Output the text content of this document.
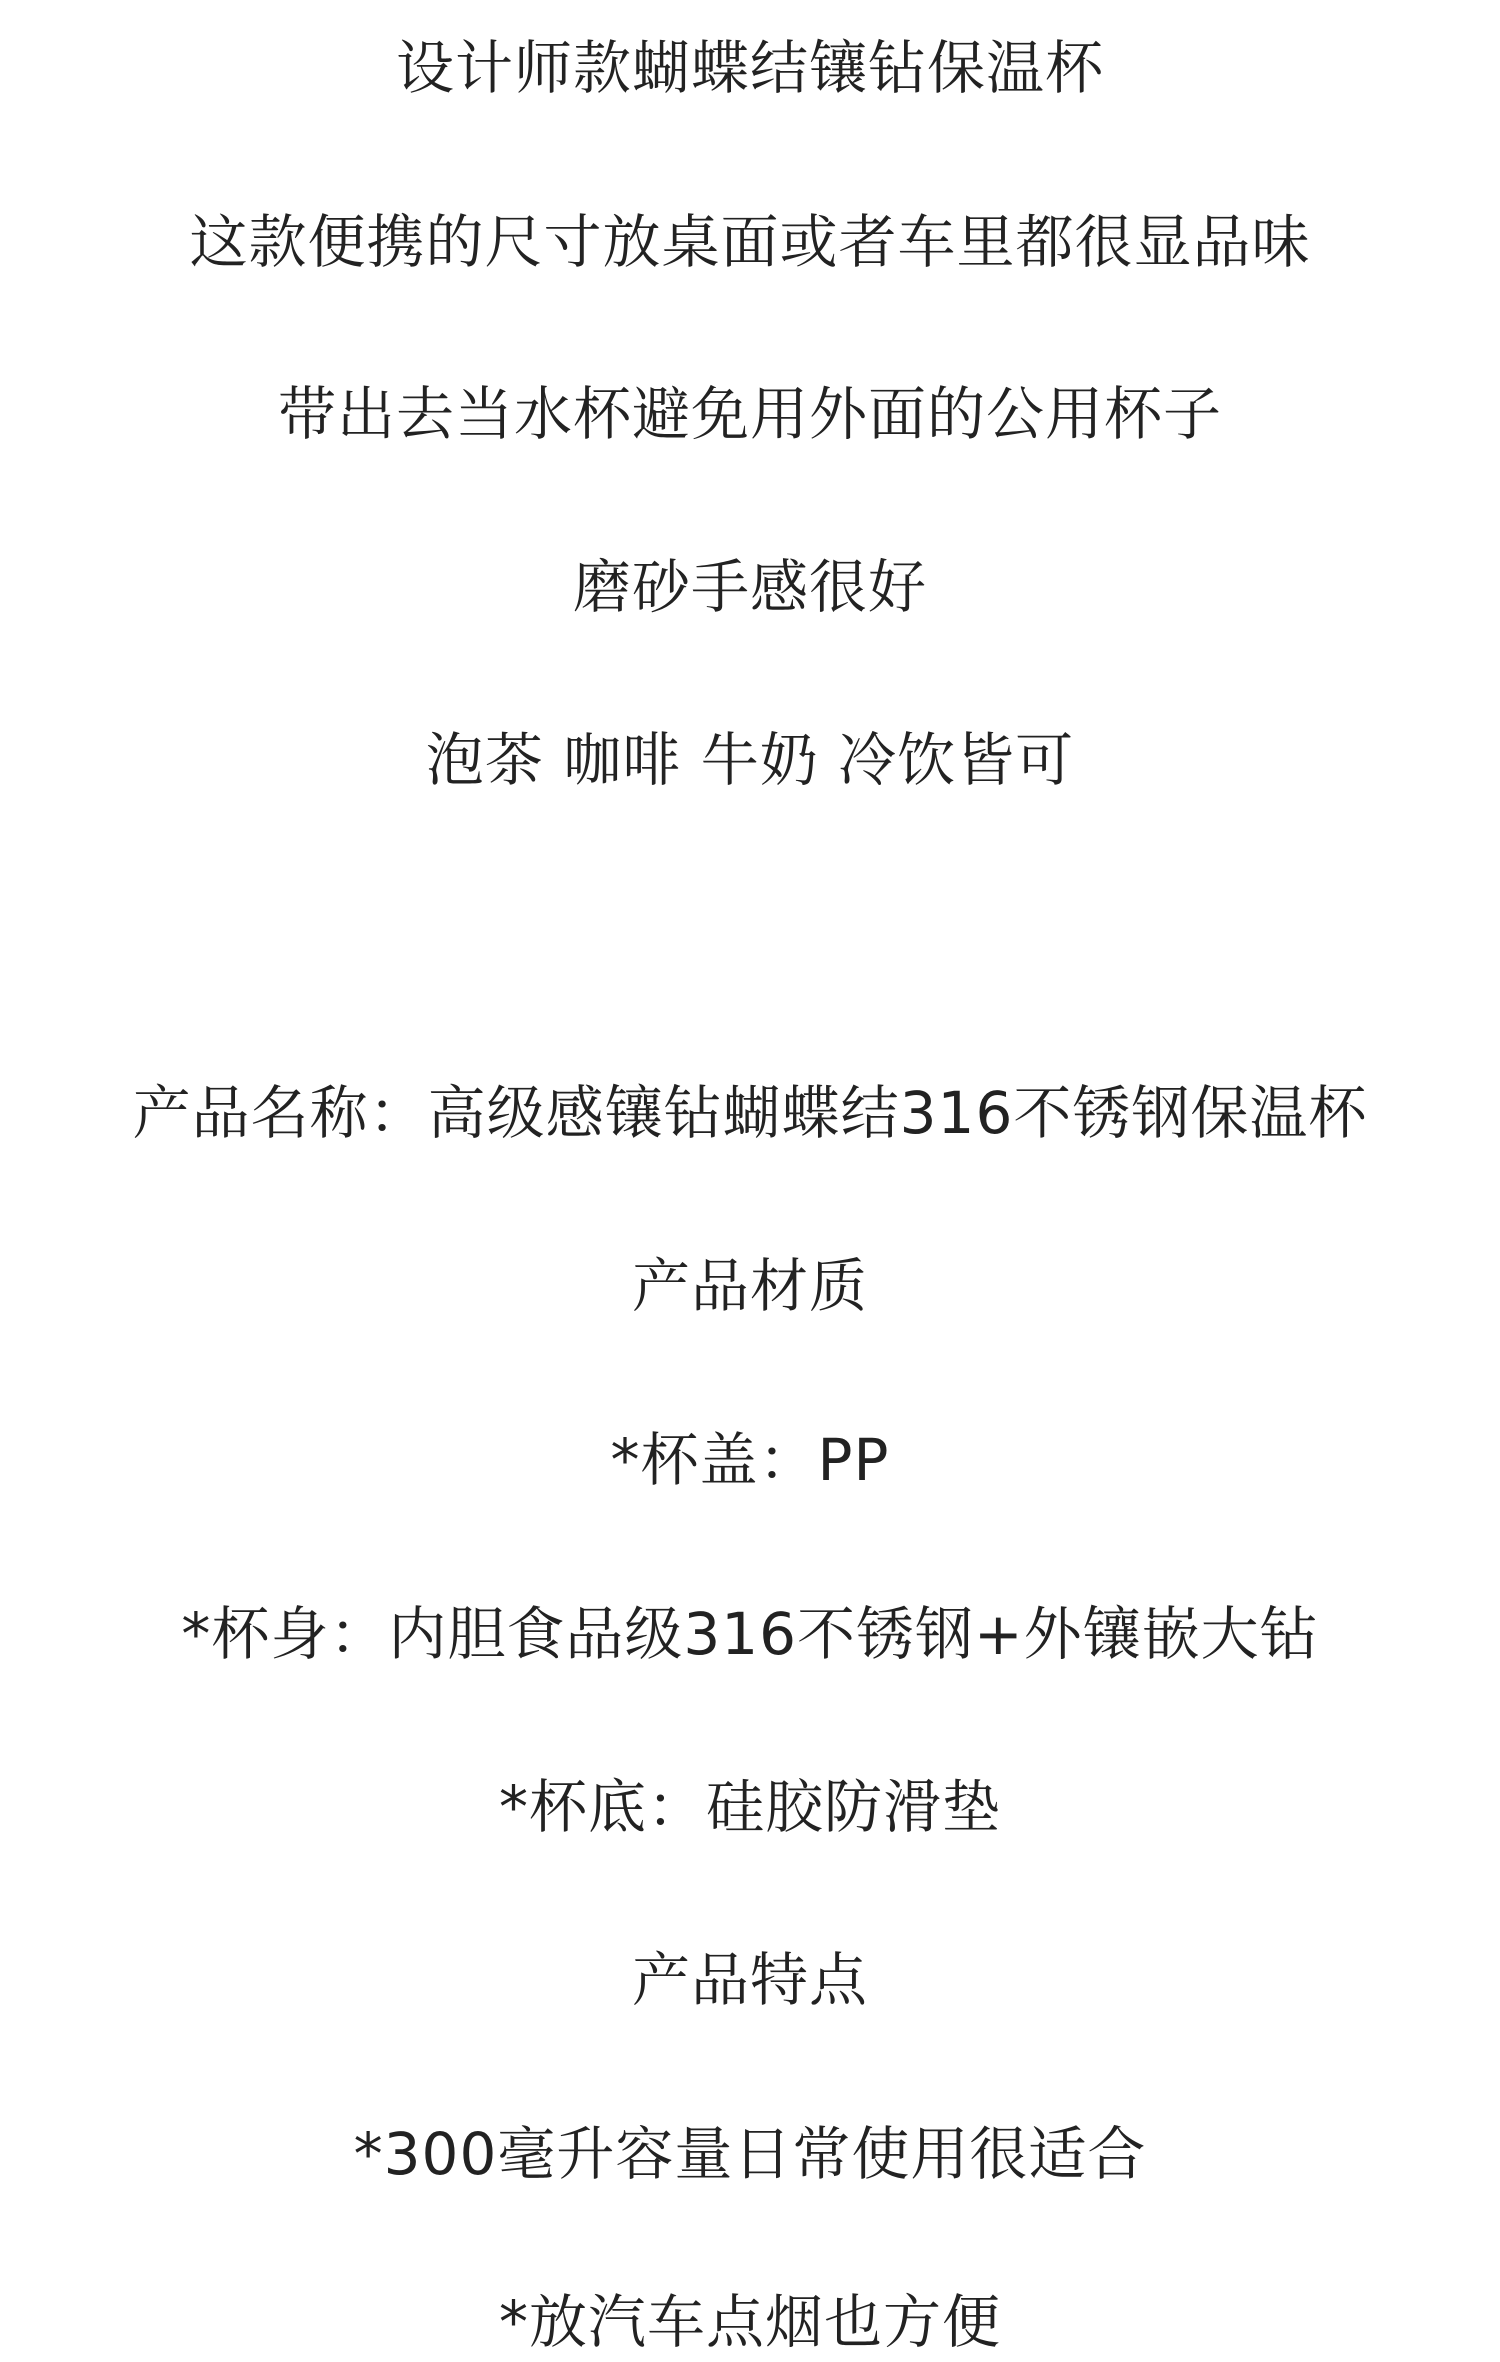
设计师款蝴蝶结镶钻保温杯
这款便携的尺寸放桌面或者车里都很显品味
带出去当水杯避免用外面的公用杯子
磨砂手感很好
泡茶 咖啡 牛奶 冷饮皆可
产品名称：高级感镶钻蝴蝶结316不锈钢保温杯
产品材质
*杯盖：PP
*杯身：内胆食品级316不锈钢+外镶嵌大钻
*杯底：硅胶防滑垫
产品特点
*300毫升容量日常使用很适合
*放汽车点烟也方便
